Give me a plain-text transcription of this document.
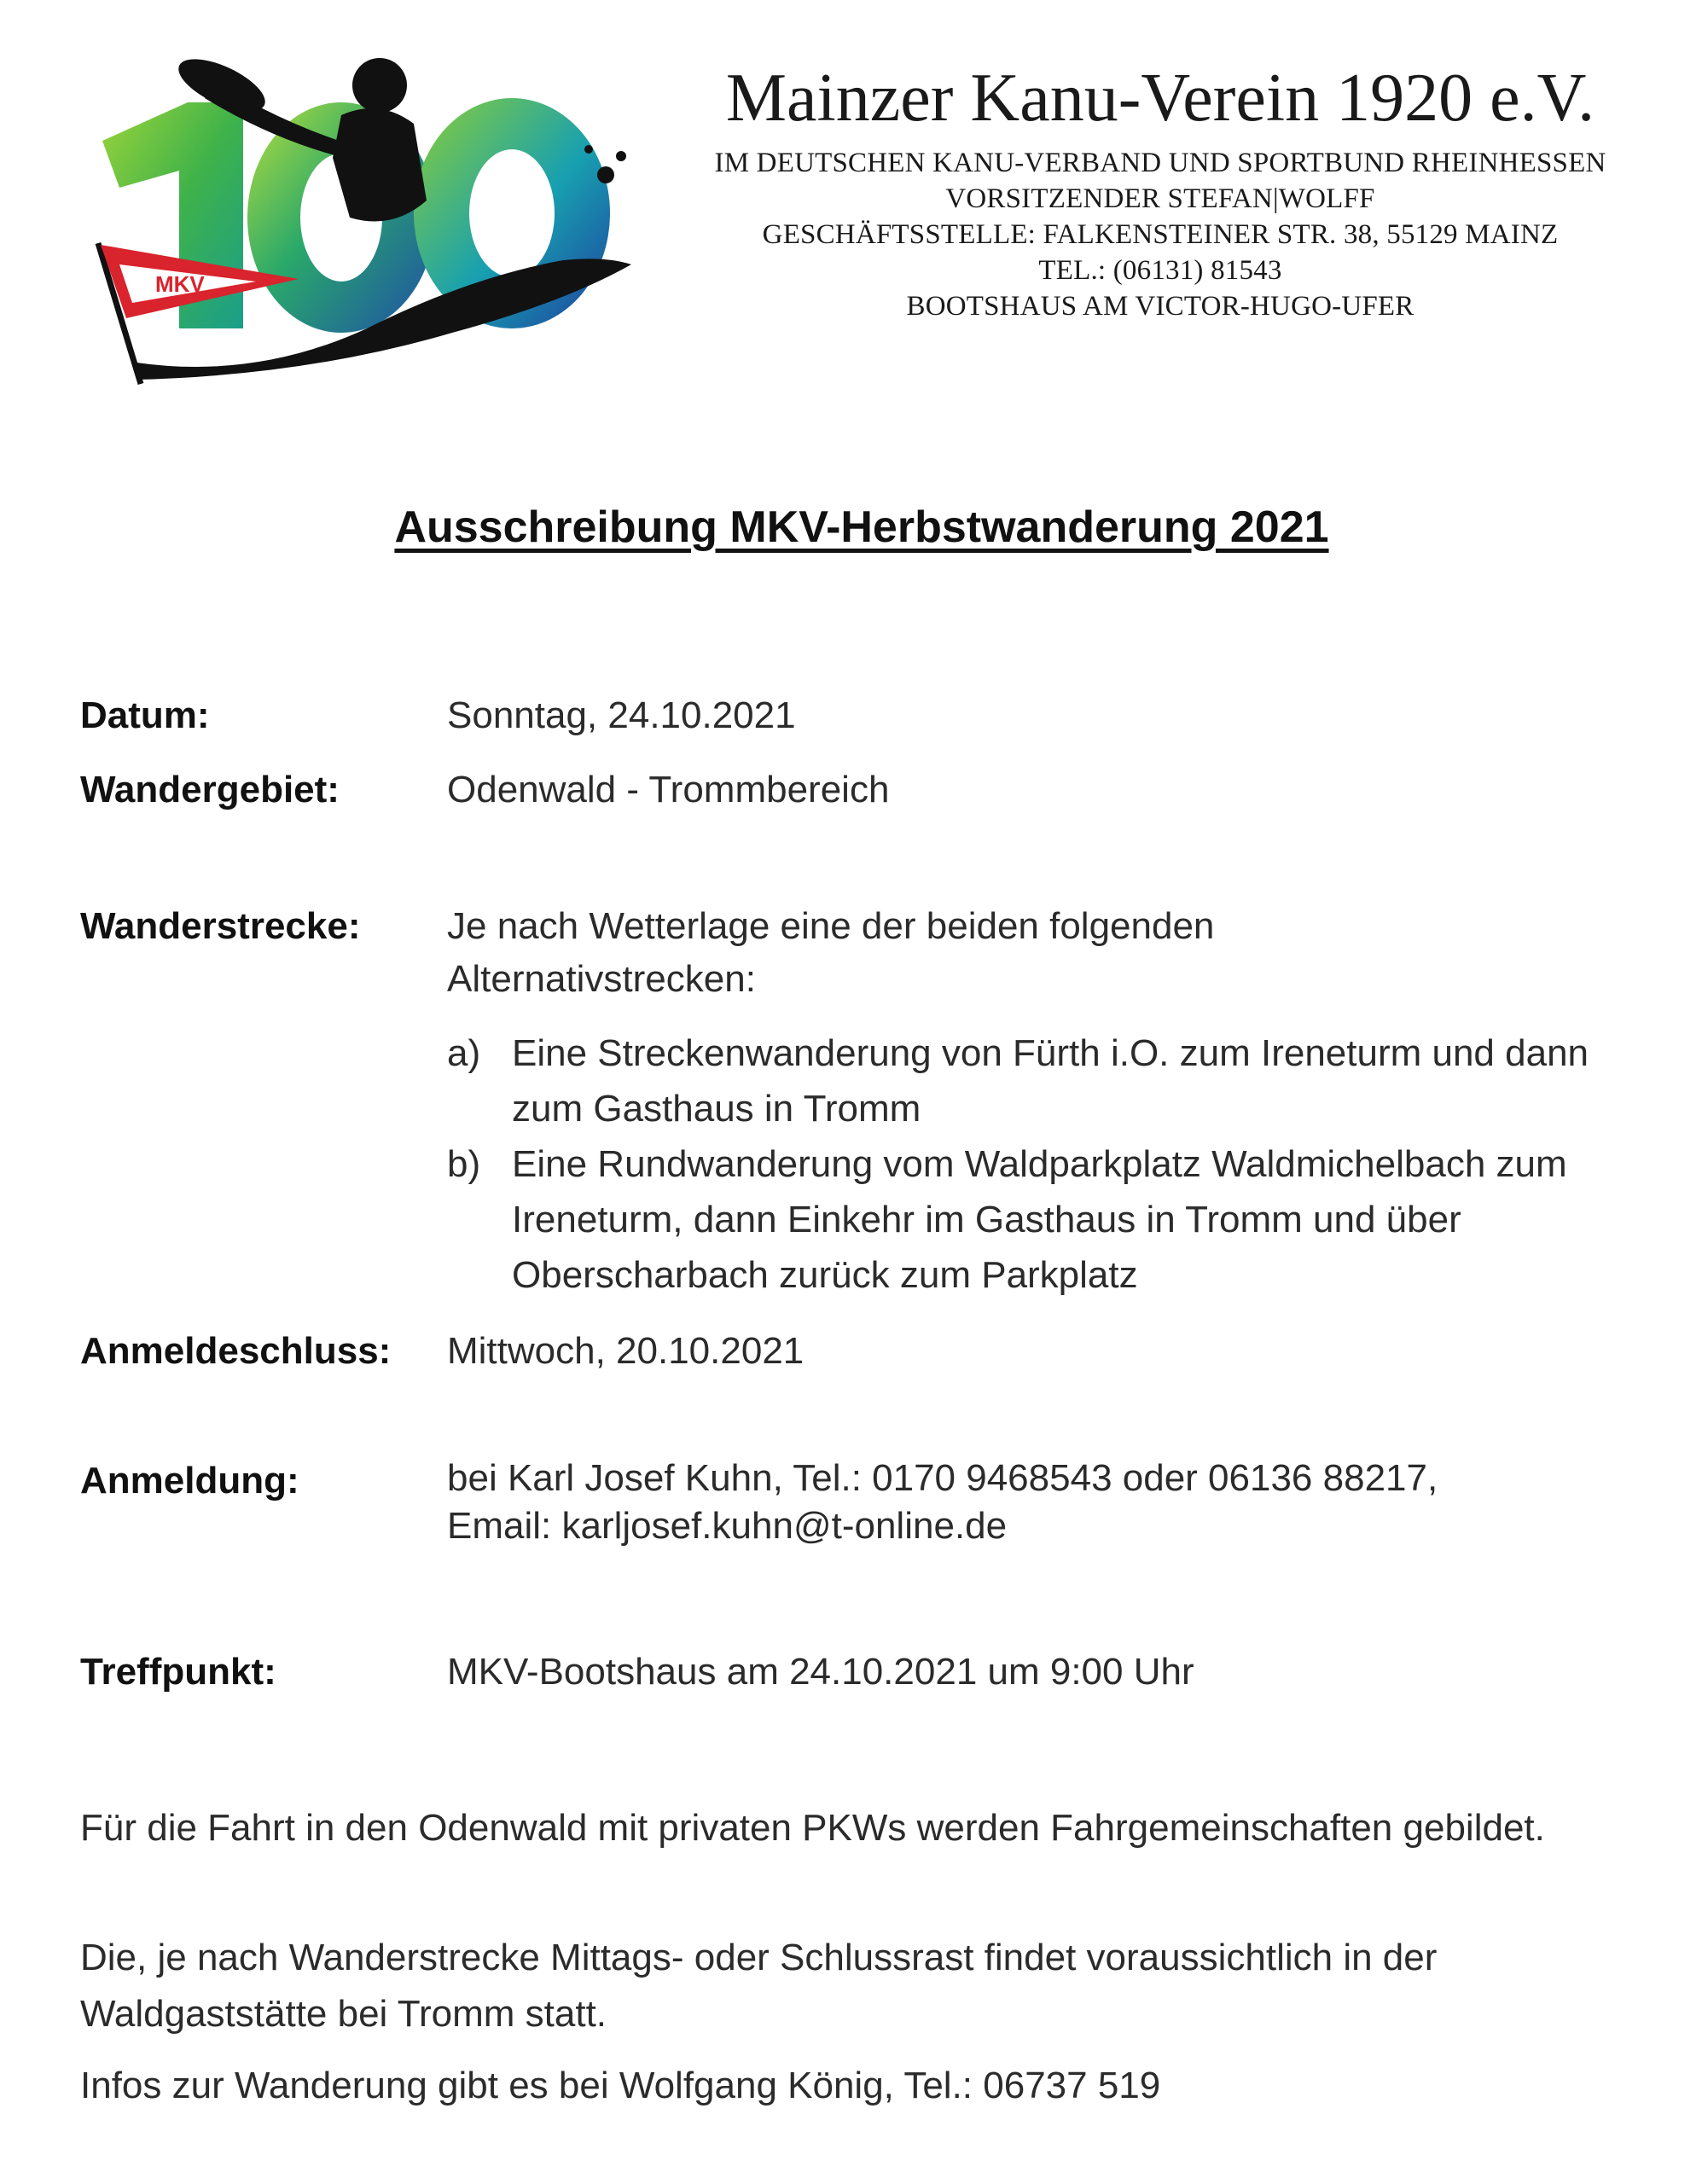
MKV
Mainzer Kanu-Verein 1920 e.V.
IM DEUTSCHEN KANU-VERBAND UND SPORTBUND RHEINHESSEN
VORSITZENDER STEFAN|WOLFF
GESCHÄFTSSTELLE: FALKENSTEINER STR. 38, 55129 MAINZ
TEL.: (06131) 81543
BOOTSHAUS AM VICTOR-HUGO-UFER
Ausschreibung MKV-Herbstwanderung 2021
Datum:	Sonntag, 24.10.2021
Wandergebiet:	Odenwald - Trommbereich
Wanderstrecke: Je nach Wetterlage eine der beiden folgenden Alternativstrecken:
a) Eine Streckenwanderung von Fürth i.O. zum Ireneturm und dann zum Gasthaus in Tromm
b) Eine Rundwanderung vom Waldparkplatz Waldmichelbach zum Ireneturm, dann Einkehr im Gasthaus in Tromm und über Oberscharbach zurück zum Parkplatz
Anmeldeschluss: Mittwoch, 20.10.2021
Anmeldung:	bei Karl Josef Kuhn, Tel.: 0170 9468543 oder 06136 88217,
Email: karljosef.kuhn@t-online.de
Treffpunkt:	MKV-Bootshaus am 24.10.2021 um 9:00 Uhr
Für die Fahrt in den Odenwald mit privaten PKWs werden Fahrgemeinschaften gebildet.
Die, je nach Wanderstrecke Mittags- oder Schlussrast findet voraussichtlich in der Waldgaststätte bei Tromm statt.
Infos zur Wanderung gibt es bei Wolfgang König, Tel.: 06737 519
